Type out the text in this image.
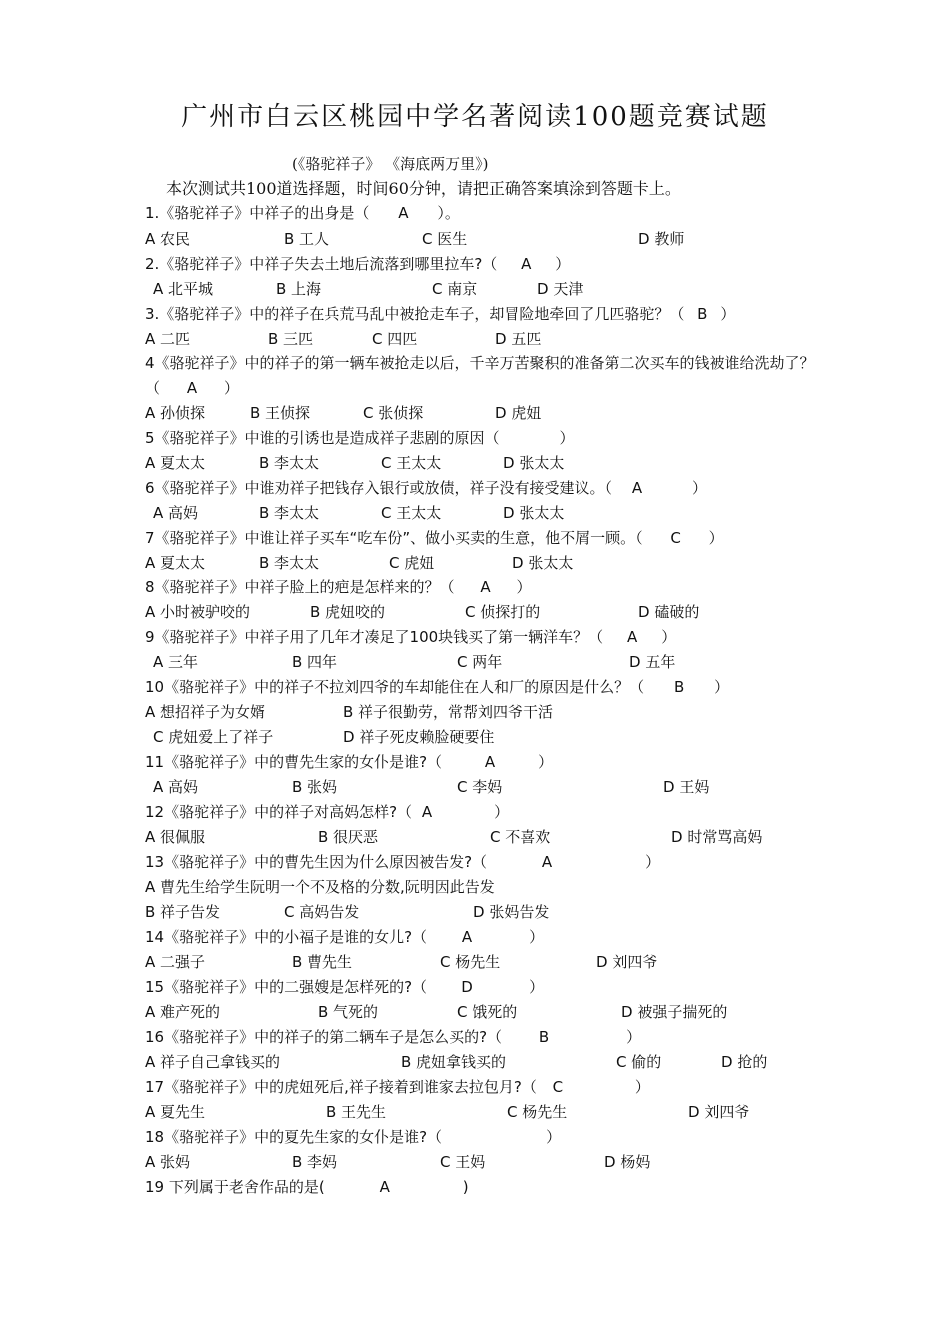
广州市白云区桃园中学名著阅读100题竞赛试题
(《骆驼祥子》 《海底两万里》)
本次测试共100道选择题，时间60分钟，请把正确答案填涂到答题卡上。
1.《骆驼祥子》中祥子的出身是（ A ）。
A 农民	B 工人	C 医生	D 教师
2.《骆驼祥子》中祥子失去土地后流落到哪里拉车?（ A ）
A 北平城	B 上海	C 南京	D 天津
3.《骆驼祥子》中的祥子在兵荒马乱中被抢走车子，却冒险地牵回了几匹骆驼？（ B ）
A 二匹	B 三匹	C 四匹	D 五匹
4《骆驼祥子》中的祥子的第一辆车被抢走以后，千辛万苦聚积的准备第二次买车的钱被谁给洗劫了？（ A ）
A 孙侦探	B 王侦探	C 张侦探	D 虎妞
5《骆驼祥子》中谁的引诱也是造成祥子悲剧的原因（	）
A 夏太太	B 李太太	C 王太太	D 张太太
6《骆驼祥子》中谁劝祥子把钱存入银行或放债，祥子没有接受建议。（ A	）
A 高妈	B 李太太	C 王太太	D 张太太
7《骆驼祥子》中谁让祥子买车“吃车份”、做小买卖的生意，他不屑一顾。（ C ）
A 夏太太	B 李太太	C 虎妞	D 张太太
8《骆驼祥子》中祥子脸上的疤是怎样来的？（ A ）
A 小时被驴咬的	B 虎妞咬的	C 侦探打的	D 磕破的
9《骆驼祥子》中祥子用了几年才凑足了100块钱买了第一辆洋车？（ A ）
A 三年	B 四年	C 两年	D 五年
10《骆驼祥子》中的祥子不拉刘四爷的车却能住在人和厂的原因是什么？（ B ）
A 想招祥子为女婿	B 祥子很勤劳，常帮刘四爷干活
C 虎妞爱上了祥子	D 祥子死皮赖脸硬要住
11《骆驼祥子》中的曹先生家的女仆是谁?（	A	）
A 高妈	B 张妈	C 李妈	D 王妈
12《骆驼祥子》中的祥子对高妈怎样?（ A	）
A 很佩服	B 很厌恶	C 不喜欢	D 时常骂高妈
13《骆驼祥子》中的曹先生因为什么原因被告发?（	A	）
A 曹先生给学生阮明一个不及格的分数,阮明因此告发
B 祥子告发	C 高妈告发	D 张妈告发
14《骆驼祥子》中的小福子是谁的女儿?（ A	）
A 二强子	B 曹先生	C 杨先生	D 刘四爷
15《骆驼祥子》中的二强嫂是怎样死的?（ D	）
A 难产死的	B 气死的	C 饿死的	D 被强子揣死的
16《骆驼祥子》中的祥子的第二辆车子是怎么买的?（ B	）
A 祥子自己拿钱买的	B 虎妞拿钱买的	C 偷的	D 抢的
17《骆驼祥子》中的虎妞死后,祥子接着到谁家去拉包月?（ C	）
A 夏先生	B 王先生	C 杨先生	D 刘四爷
18《骆驼祥子》中的夏先生家的女仆是谁?（	）
A 张妈	B 李妈	C 王妈	D 杨妈
19 下列属于老舍作品的是(	A	)
